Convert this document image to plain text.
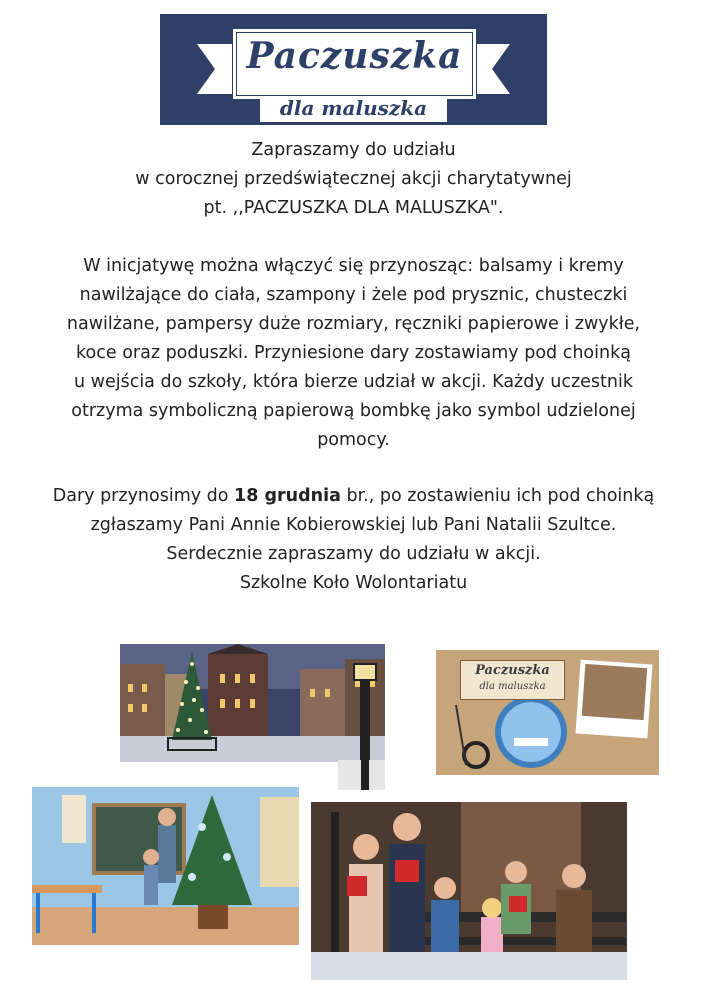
Paczuszka
dla maluszka
Zapraszamy do udziału
w corocznej przedświątecznej akcji charytatywnej
pt. ,,PACZUSZKA DLA MALUSZKA".
W inicjatywę można włączyć się przynosząc: balsamy i kremy
nawilżające do ciała, szampony i żele pod prysznic, chusteczki
nawilżane, pampersy duże rozmiary, ręczniki papierowe i zwykłe,
koce oraz poduszki. Przyniesione dary zostawiamy pod choinką
u wejścia do szkoły, która bierze udział w akcji. Każdy uczestnik
otrzyma symboliczną papierową bombkę jako symbol udzielonej
pomocy.
Dary przynosimy do 18 grudnia br., po zostawieniu ich pod choinką
zgłaszamy Pani Annie Kobierowskiej lub Pani Natalii Szultce.
Serdecznie zapraszamy do udziału w akcji.
Szkolne Koło Wolontariatu
Paczuszka
dla maluszka
